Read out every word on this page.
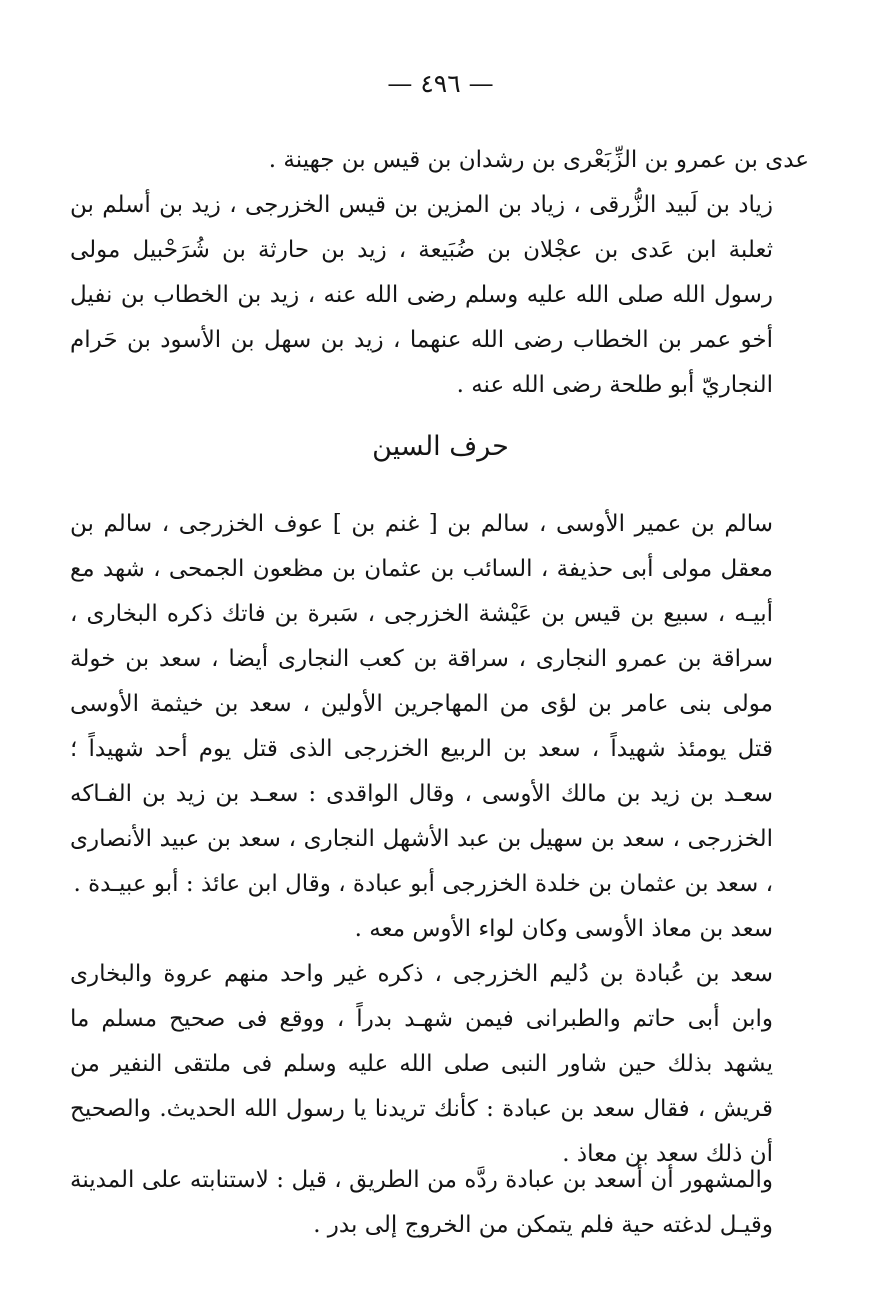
— ٤٩٦ —

عدى بن عمرو بن الزِّبَعْرى بن رشدان بن قيس بن جهينة .

زياد بن لَبيد الزُّرقى ، زياد بن المزين بن قيس الخزرجى ، زيد بن أسلم بن ثعلبة ابن عَدى بن عجْلان بن ضُبَيعة ، زيد بن حارثة بن شُرَحْبيل مولى رسول الله صلى الله عليه وسلم رضى الله عنه ، زيد بن الخطاب بن نفيل أخو عمر بن الخطاب رضى الله عنهما ، زيد بن سهل بن الأسود بن حَرام النجاريّ أبو طلحة رضى الله عنه .

حرف السين

سالم بن عمير الأوسى ، سالم بن [ غنم بن ] عوف الخزرجى ، سالم بن معقل مولى أبى حذيفة ، السائب بن عثمان بن مظعون الجمحى ، شهد مع أبيـه ، سبيع بن قيس بن عَيْشة الخزرجى ، سَبرة بن فاتك ذكره البخارى ، سراقة بن عمرو النجارى ، سراقة بن كعب النجارى أيضا ، سعد بن خولة مولى بنى عامر بن لؤى من المهاجرين الأولين ، سعد بن خيثمة الأوسى قتل يومئذ شهيداً ، سعد بن الربيع الخزرجى الذى قتل يوم أحد شهيداً ؛ سعـد بن زيد بن مالك الأوسى ، وقال الواقدى : سعـد بن زيد بن الفـاكه الخزرجى ، سعد بن سهيل بن عبد الأشهل النجارى ، سعد بن عبيد الأنصارى ، سعد بن عثمان بن خلدة الخزرجى أبو عبادة ، وقال ابن عائذ : أبو عبيـدة .

سعد بن معاذ الأوسى وكان لواء الأوس معه .

سعد بن عُبادة بن دُليم الخزرجى ، ذكره غير واحد منهم عروة والبخارى وابن أبى حاتم والطبرانى فيمن شهـد بدراً ، ووقع فى صحيح مسلم ما يشهد بذلك حين شاور النبى صلى الله عليه وسلم فى ملتقى النفير من قريش ، فقال سعد بن عبادة : كأنك تريدنا يا رسول الله الحديث. والصحيح أن ذلك سعد بن معاذ .

والمشهور أن أسعد بن عبادة ردَّه من الطريق ، قيل : لاستنابته على المدينة وقيـل لدغته حية فلم يتمكن من الخروج إلى بدر .
